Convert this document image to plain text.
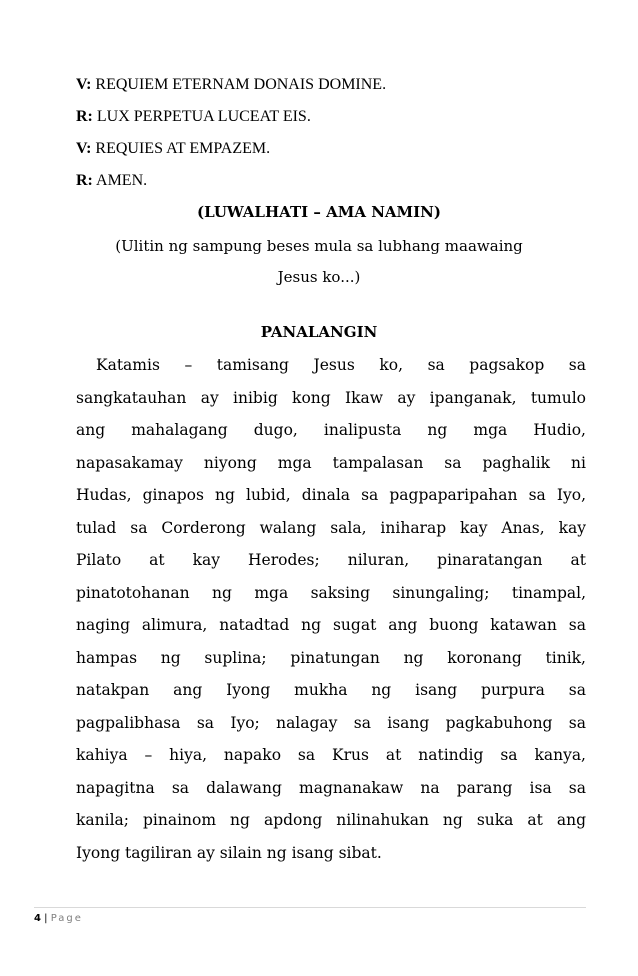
V: REQUIEM ETERNAM DONAIS DOMINE.
R: LUX PERPETUA LUCEAT EIS.
V: REQUIES AT EMPAZEM.
R: AMEN.
(LUWALHATI – AMA NAMIN)
(Ulitin ng sampung beses mula sa lubhang maawaing
Jesus ko...)
PANALANGIN
Katamis – tamisang Jesus ko, sa pagsakop sa
sangkatauhan ay inibig kong Ikaw ay ipanganak, tumulo
ang mahalagang dugo, inalipusta ng mga Hudio,
napasakamay niyong mga tampalasan sa paghalik ni
Hudas, ginapos ng lubid, dinala sa pagpaparipahan sa Iyo,
tulad sa Corderong walang sala, iniharap kay Anas, kay
Pilato at kay Herodes; niluran, pinaratangan at
pinatotohanan ng mga saksing sinungaling; tinampal,
naging alimura, natadtad ng sugat ang buong katawan sa
hampas ng suplina; pinatungan ng koronang tinik,
natakpan ang Iyong mukha ng isang purpura sa
pagpalibhasa sa Iyo; nalagay sa isang pagkabuhong sa
kahiya – hiya, napako sa Krus at natindig sa kanya,
napagitna sa dalawang magnanakaw na parang isa sa
kanila; pinainom ng apdong nilinahukan ng suka at ang
Iyong tagiliran ay silain ng isang sibat.
4 | Page
